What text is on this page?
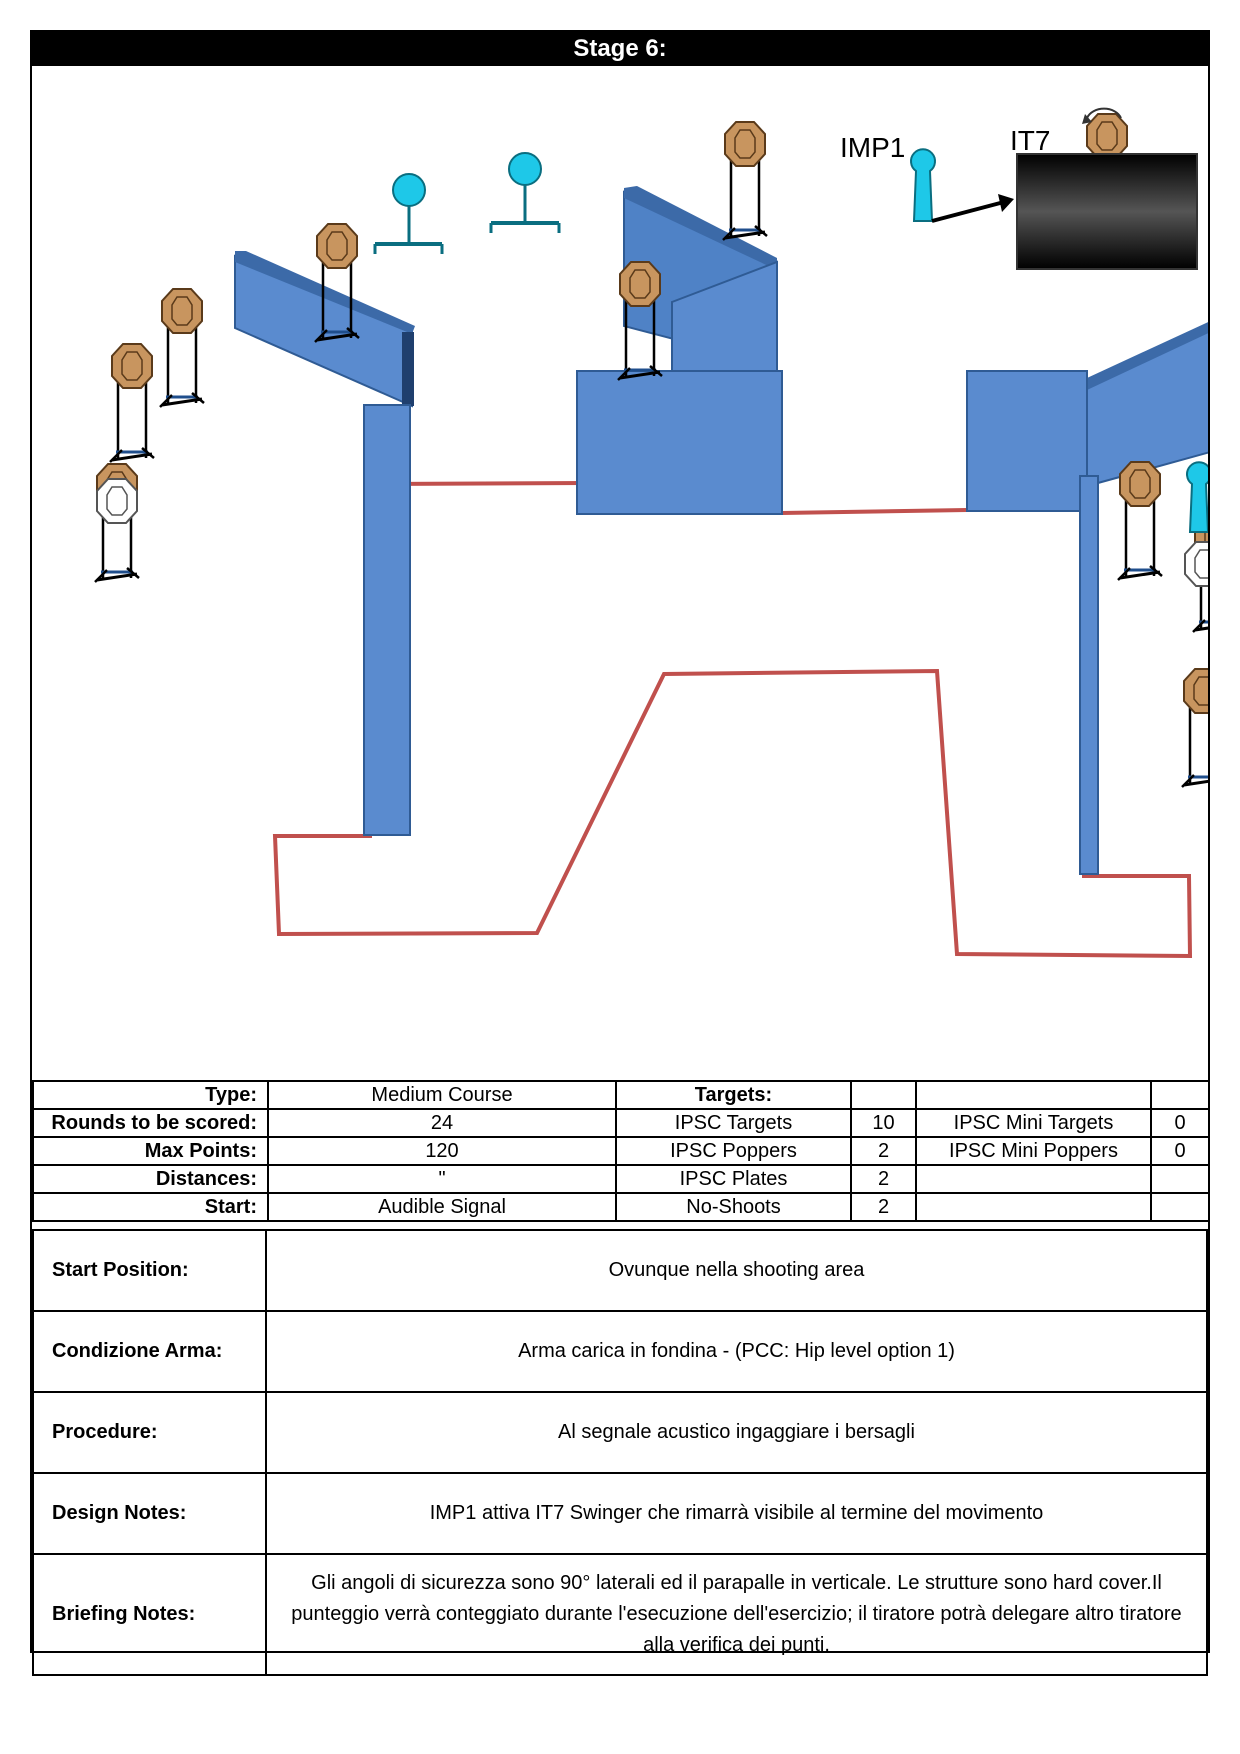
Stage 6:
IMP1	IT7
Type:	Medium Course	Targets:			
Rounds to be scored:	24	IPSC Targets	10	IPSC Mini Targets	0
Max Points:	120	IPSC Poppers	2	IPSC Mini Poppers	0
Distances:	"	IPSC Plates	2		
Start:	Audible Signal	No-Shoots	2		
Start Position:	Ovunque nella shooting area
Condizione Arma:	Arma carica in fondina - (PCC: Hip level option 1)
Procedure:	Al segnale acustico ingaggiare i bersagli
Design Notes:	IMP1 attiva IT7 Swinger che rimarrà visibile al termine del movimento
Briefing Notes:	Gli angoli di sicurezza sono 90° laterali ed il parapalle in verticale. Le strutture sono hard cover.Il punteggio verrà conteggiato durante l'esecuzione dell'esercizio; il tiratore potrà delegare altro tiratore alla verifica dei punti.
